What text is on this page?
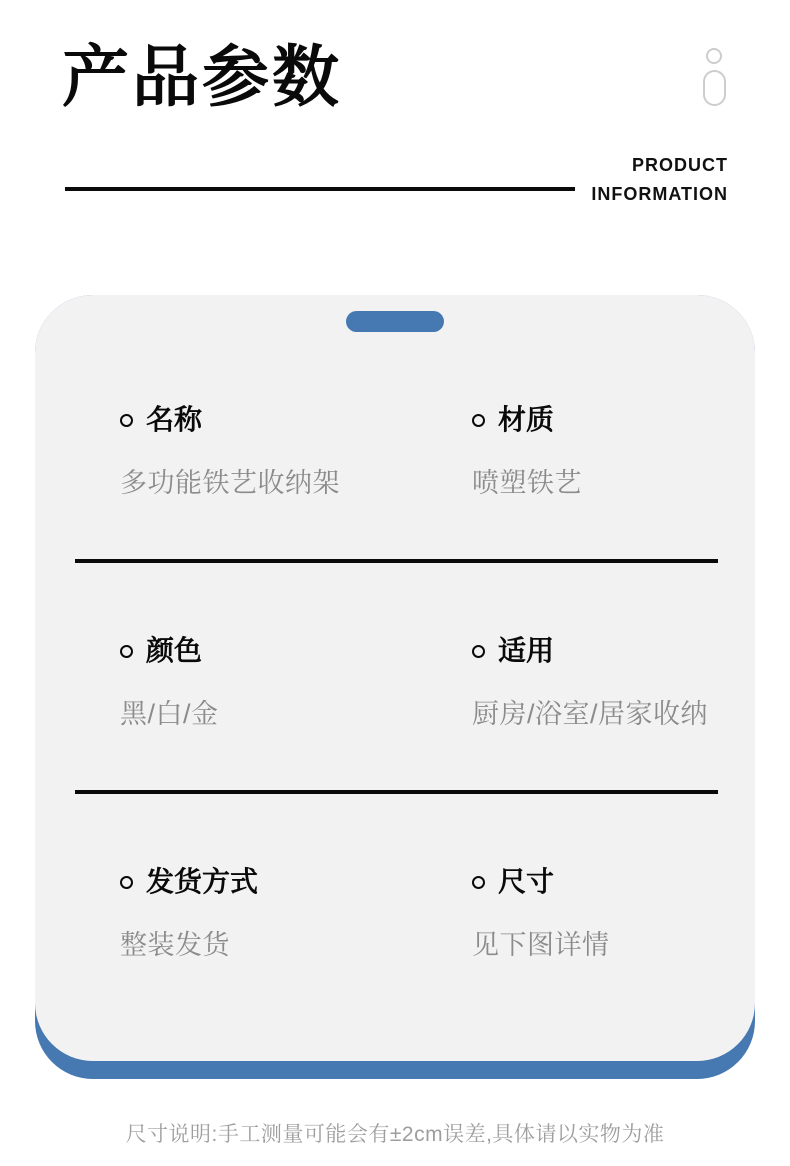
产品参数
PRODUCT
INFORMATION
名称
多功能铁艺收纳架
材质
喷塑铁艺
颜色
黑/白/金
适用
厨房/浴室/居家收纳
发货方式
整装发货
尺寸
见下图详情
尺寸说明:手工测量可能会有±2cm误差,具体请以实物为准
